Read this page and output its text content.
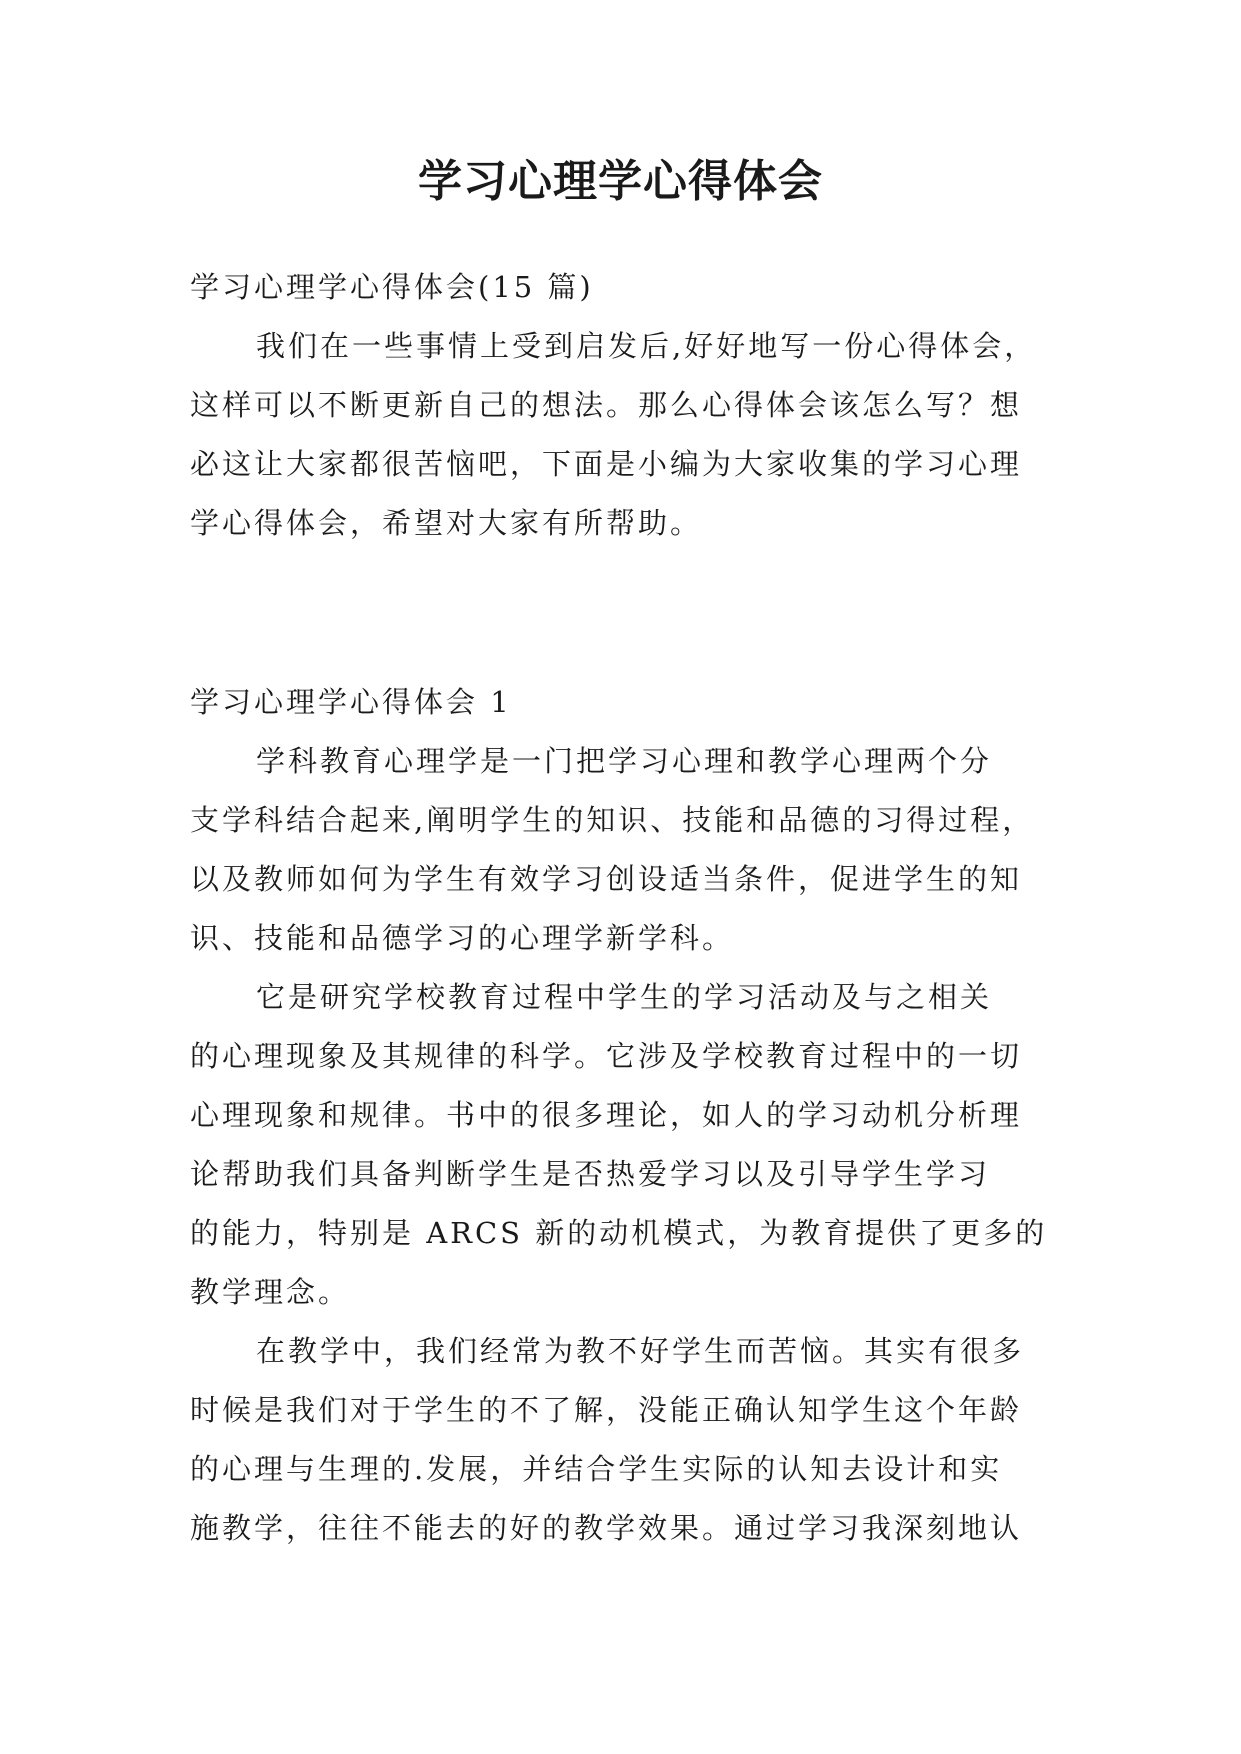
学习心理学心得体会
学习心理学心得体会(15 篇)
我们在一些事情上受到启发后,好好地写一份心得体会，
这样可以不断更新自己的想法。那么心得体会该怎么写？想
必这让大家都很苦恼吧，下面是小编为大家收集的学习心理
学心得体会，希望对大家有所帮助。
学习心理学心得体会 1
学科教育心理学是一门把学习心理和教学心理两个分
支学科结合起来,阐明学生的知识、技能和品德的习得过程，
以及教师如何为学生有效学习创设适当条件，促进学生的知
识、技能和品德学习的心理学新学科。
它是研究学校教育过程中学生的学习活动及与之相关
的心理现象及其规律的科学。它涉及学校教育过程中的一切
心理现象和规律。书中的很多理论，如人的学习动机分析理
论帮助我们具备判断学生是否热爱学习以及引导学生学习
的能力，特别是 ARCS 新的动机模式，为教育提供了更多的
教学理念。
在教学中，我们经常为教不好学生而苦恼。其实有很多
时候是我们对于学生的不了解，没能正确认知学生这个年龄
的心理与生理的.发展，并结合学生实际的认知去设计和实
施教学，往往不能去的好的教学效果。通过学习我深刻地认
